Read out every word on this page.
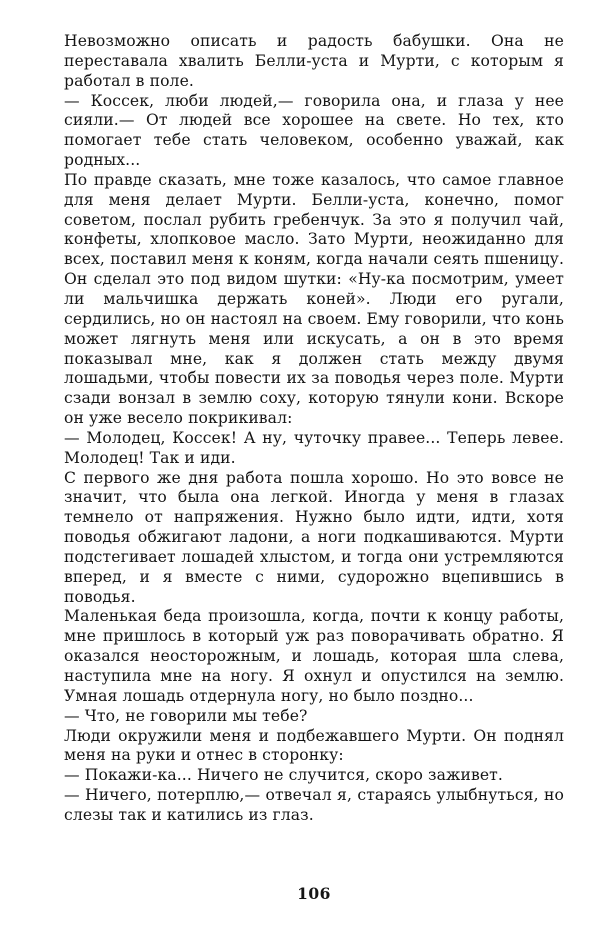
Невозможно описать и радость бабушки. Она не переставала хвалить Белли-уста и Мурти, с которым я работал в поле.

— Коссек, люби людей,— говорила она, и глаза у нее сияли.— От людей все хорошее на свете. Но тех, кто помогает тебе стать человеком, особенно уважай, как родных...

По правде сказать, мне тоже казалось, что самое главное для меня делает Мурти. Белли-уста, конечно, помог советом, послал рубить гребенчук. За это я получил чай, конфеты, хлопковое масло. Зато Мурти, неожиданно для всех, поставил меня к коням, когда начали сеять пшеницу. Он сделал это под видом шутки: «Ну-ка посмотрим, умеет ли мальчишка держать коней». Люди его ругали, сердились, но он настоял на своем. Ему говорили, что конь может лягнуть меня или искусать, а он в это время показывал мне, как я должен стать между двумя лошадьми, чтобы повести их за поводья через поле. Мурти сзади вонзал в землю соху, которую тянули кони. Вскоре он уже весело покрикивал:

— Молодец, Коссек! А ну, чуточку правее... Теперь левее. Молодец! Так и иди.

С первого же дня работа пошла хорошо. Но это вовсе не значит, что была она легкой. Иногда у меня в глазах темнело от напряжения. Нужно было идти, идти, хотя поводья обжигают ладони, а ноги подкашиваются. Мурти подстегивает лошадей хлыстом, и тогда они устремляются вперед, и я вместе с ними, судорожно вцепившись в поводья.

Маленькая беда произошла, когда, почти к концу работы, мне пришлось в который уж раз поворачивать обратно. Я оказался неосторожным, и лошадь, которая шла слева, наступила мне на ногу. Я охнул и опустился на землю. Умная лошадь отдернула ногу, но было поздно...

— Что, не говорили мы тебе?

Люди окружили меня и подбежавшего Мурти. Он поднял меня на руки и отнес в сторонку:

— Покажи-ка... Ничего не случится, скоро заживет.

— Ничего, потерплю,— отвечал я, стараясь улыбнуться, но слезы так и катились из глаз.

106
